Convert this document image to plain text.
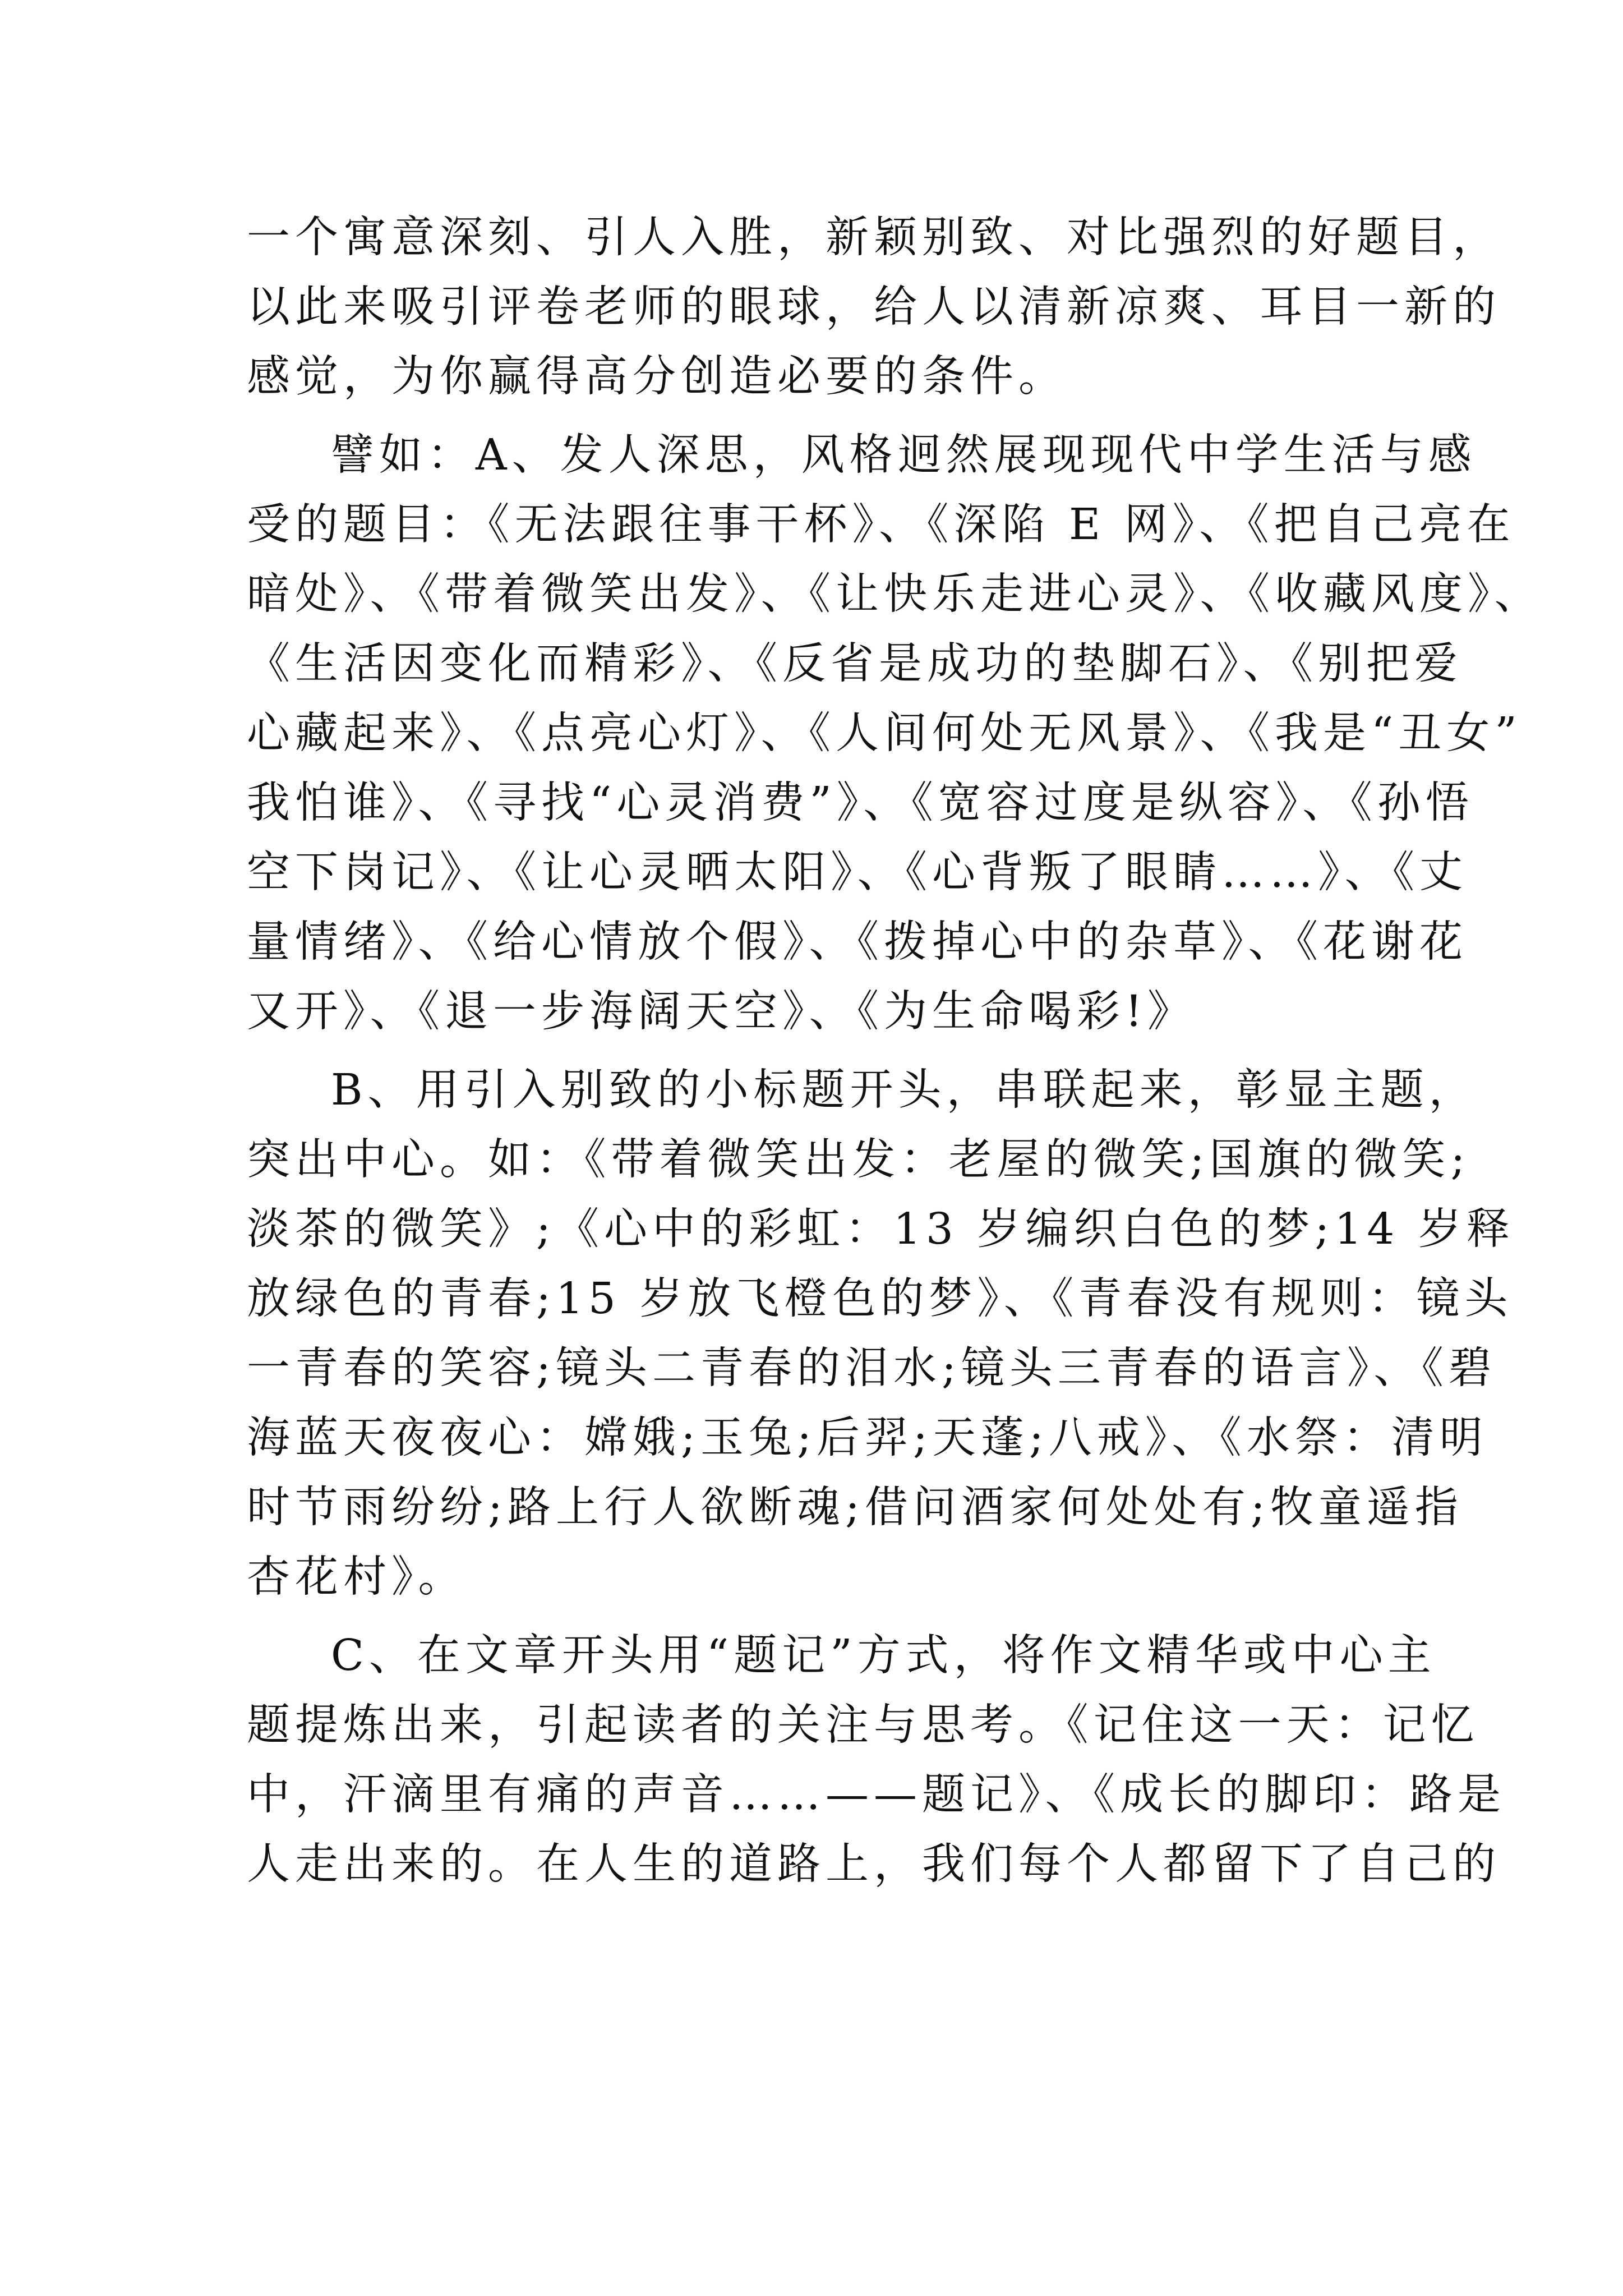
一个寓意深刻、引人入胜，新颖别致、对比强烈的好题目，
以此来吸引评卷老师的眼球，给人以清新凉爽、耳目一新的
感觉，为你赢得高分创造必要的条件。
譬如：A、发人深思，风格迥然展现现代中学生活与感
受的题目：《无法跟往事干杯》、《深陷 E 网》、《把自己亮在
暗处》、《带着微笑出发》、《让快乐走进心灵》、《收藏风度》、
《生活因变化而精彩》、《反省是成功的垫脚石》、《别把爱
心藏起来》、《点亮心灯》、《人间何处无风景》、《我是“丑女”
我怕谁》、《寻找“心灵消费”》、《宽容过度是纵容》、《孙悟
空下岗记》、《让心灵晒太阳》、《心背叛了眼睛……》、《丈
量情绪》、《给心情放个假》、《拨掉心中的杂草》、《花谢花
又开》、《退一步海阔天空》、《为生命喝彩!》
B、用引入别致的小标题开头，串联起来，彰显主题，
突出中心。如：《带着微笑出发：老屋的微笑;国旗的微笑;
淡茶的微笑》;《心中的彩虹：13 岁编织白色的梦;14 岁释
放绿色的青春;15 岁放飞橙色的梦》、《青春没有规则：镜头
一青春的笑容;镜头二青春的泪水;镜头三青春的语言》、《碧
海蓝天夜夜心：嫦娥;玉兔;后羿;天蓬;八戒》、《水祭：清明
时节雨纷纷;路上行人欲断魂;借问酒家何处处有;牧童遥指
杏花村》。
C、在文章开头用“题记”方式，将作文精华或中心主
题提炼出来，引起读者的关注与思考。《记住这一天：记忆
中，汗滴里有痛的声音……——题记》、《成长的脚印：路是
人走出来的。在人生的道路上，我们每个人都留下了自己的
